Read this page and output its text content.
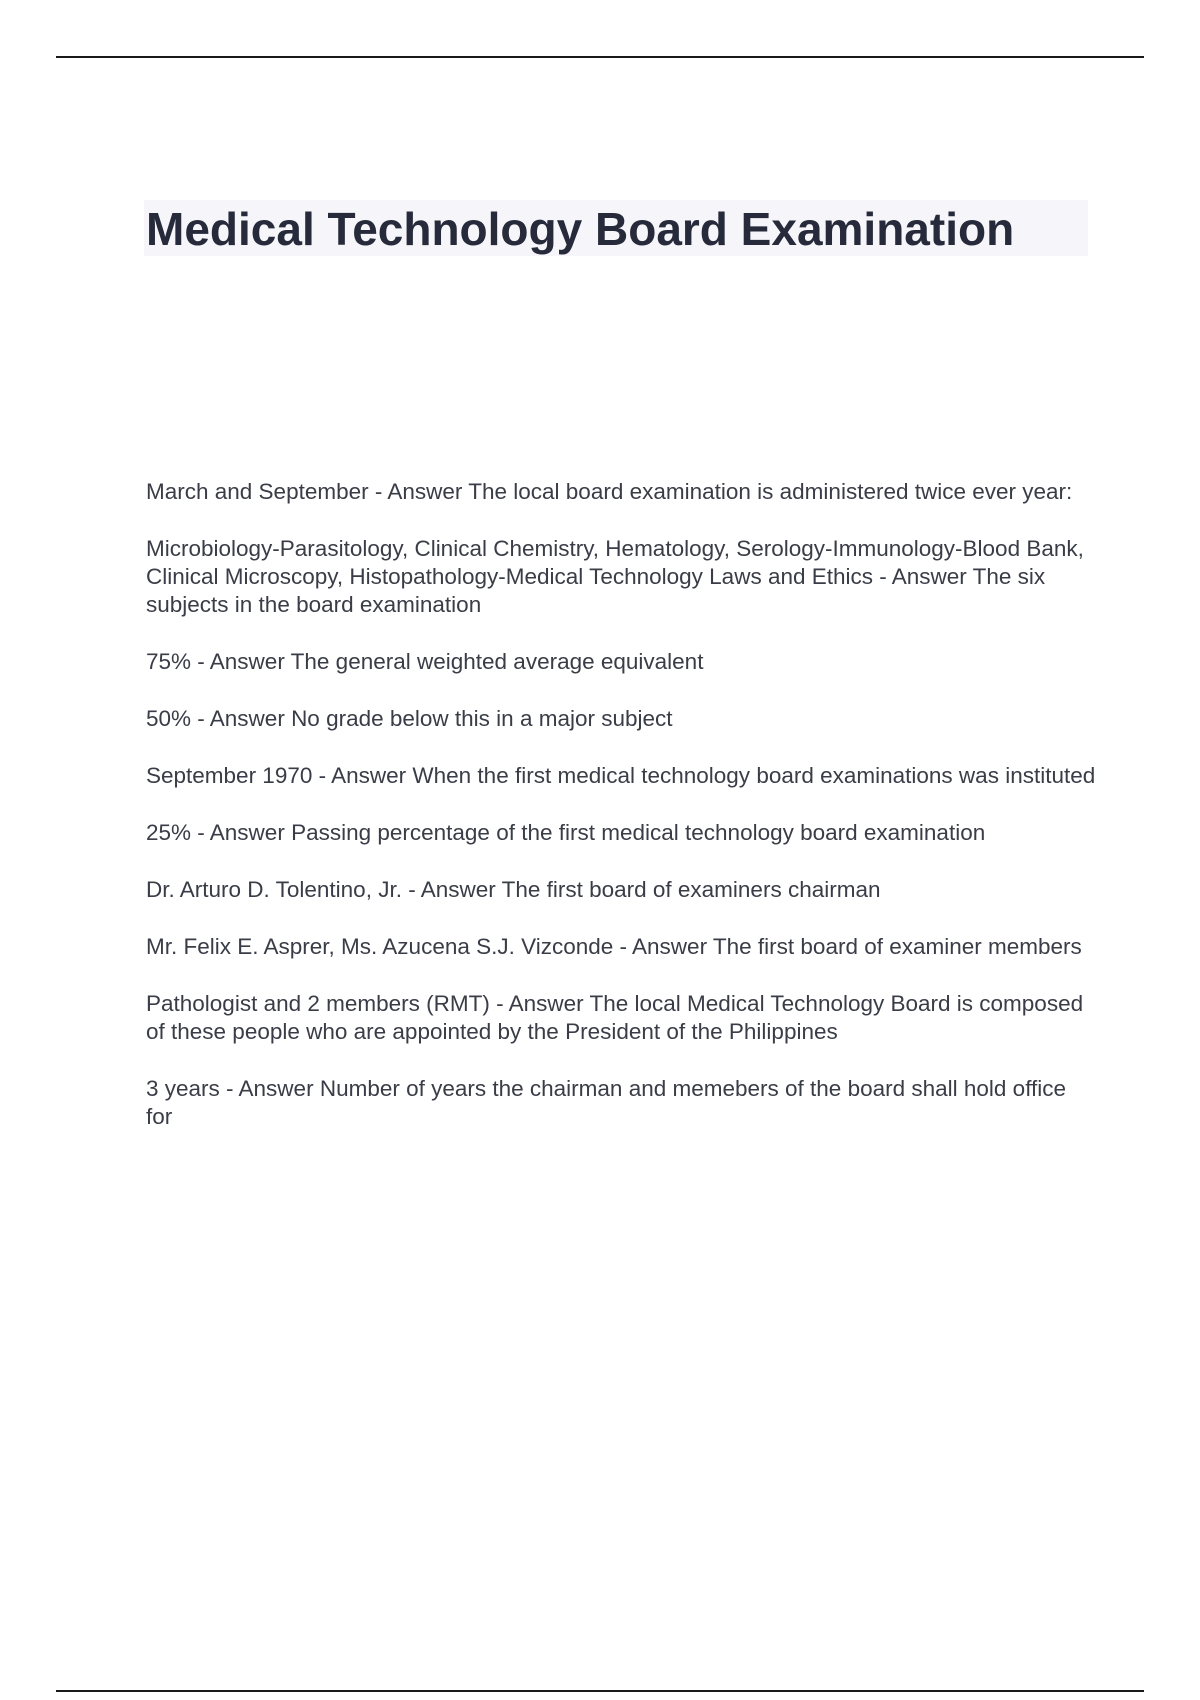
Medical Technology Board Examination
March and September - Answer The local board examination is administered twice ever year:
Microbiology-Parasitology, Clinical Chemistry, Hematology, Serology-Immunology-Blood Bank, Clinical Microscopy, Histopathology-Medical Technology Laws and Ethics - Answer The six subjects in the board examination
75% - Answer The general weighted average equivalent
50% - Answer No grade below this in a major subject
September 1970 - Answer When the first medical technology board examinations was instituted
25% - Answer Passing percentage of the first medical technology board examination
Dr. Arturo D. Tolentino, Jr. - Answer The first board of examiners chairman
Mr. Felix E. Asprer, Ms. Azucena S.J. Vizconde - Answer The first board of examiner members
Pathologist and 2 members (RMT) - Answer The local Medical Technology Board is composed of these people who are appointed by the President of the Philippines
3 years - Answer Number of years the chairman and memebers of the board shall hold office for
